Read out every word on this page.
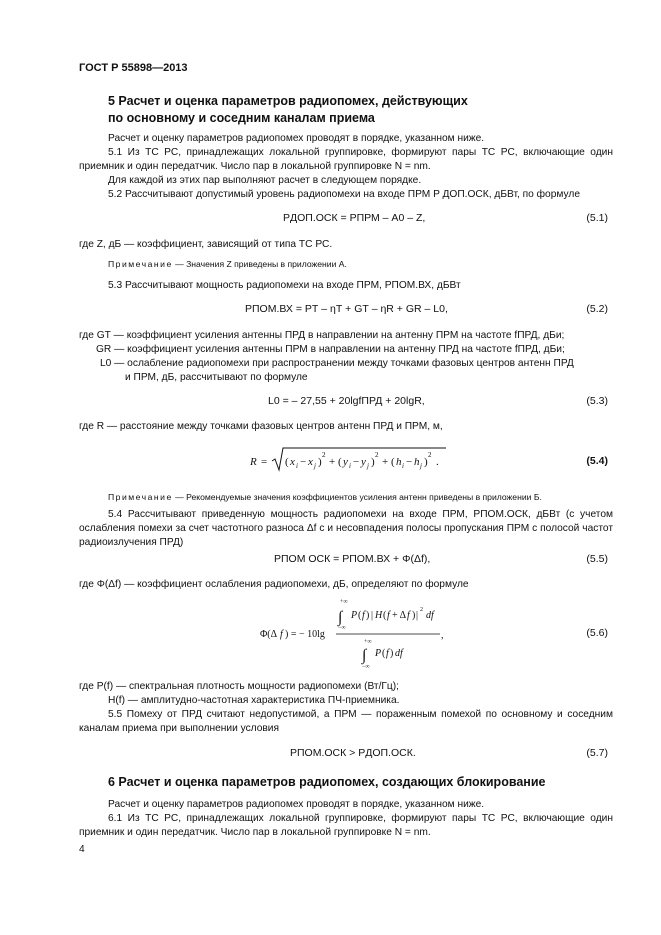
ГОСТ Р 55898—2013
5 Расчет и оценка параметров радиопомех, действующих
по основному и соседним каналам приема
Расчет и оценку параметров радиопомех проводят в порядке, указанном ниже.
5.1 Из ТС РС, принадлежащих локальной группировке, формируют пары ТС РС, включающие один приемник и один передатчик. Число пар в локальной группировке N = nm.
Для каждой из этих пар выполняют расчет в следующем порядке.
5.2 Рассчитывают допустимый уровень радиопомехи на входе ПРМ P ДОП.ОСК, дБВт, по формуле
PДОП.ОСК = PПРМ – A0 – Z,	(5.1)
где Z, дБ — коэффициент, зависящий от типа ТС РС.
Примечание — Значения Z приведены в приложении А.
5.3 Рассчитывают мощность радиопомехи на входе ПРМ, PПОМ.ВХ, дБВт
PПОМ.ВХ = PТ – ηТ + GТ – ηR + GR – L0,	(5.2)
где GТ — коэффициент усиления антенны ПРД в направлении на антенну ПРМ на частоте fПРД, дБи;
GR — коэффициент усиления антенны ПРМ в направлении на антенну ПРД на частоте fПРД, дБи;
L0 — ослабление радиопомехи при распространении между точками фазовых центров антенн ПРД
и ПРМ, дБ, рассчитывают по формуле
L0 = – 27,55 + 20lgfПРД + 20lgR,	(5.3)
где R — расстояние между точками фазовых центров антенн ПРД и ПРМ, м,
R = ( x i − x j )
2
+ ( y i − y j )
2
+ ( h i − h j )
2
.	(5.4)
Примечание — Рекомендуемые значения коэффициентов усиления антенн приведены в приложении Б.
5.4 Рассчитывают приведенную мощность радиопомехи на входе ПРМ, PПОМ.ОСК, дБВт (с учетом ослабления помехи за счет частотного разноса Δf с и несовпадения полосы пропускания ПРМ с полосой частот радиоизлучения ПРД)
PПОМ ОСК = PПОМ.ВХ + Φ(Δf),	(5.5)
где Φ(Δf) — коэффициент ослабления радиопомехи, дБ, определяют по формуле
Φ(Δ f ) = − 10lg
+∞
∫
−∞
P ( f ) | H ( f + Δ f ) | 2 df
,
+∞
∫
−∞
P ( f ) df
(5.6)
где P(f) — спектральная плотность мощности радиопомехи (Вт/Гц);
H(f) — амплитудно-частотная характеристика ПЧ-приемника.
5.5 Помеху от ПРД считают недопустимой, а ПРМ — пораженным помехой по основному и соседним каналам приема при выполнении условия
PПОМ.ОСК > PДОП.ОСК.	(5.7)
6 Расчет и оценка параметров радиопомех, создающих блокирование
Расчет и оценку параметров радиопомех проводят в порядке, указанном ниже.
6.1 Из ТС РС, принадлежащих локальной группировке, формируют пары ТС РС, включающие один приемник и один передатчик. Число пар в локальной группировке N = nm.
4
